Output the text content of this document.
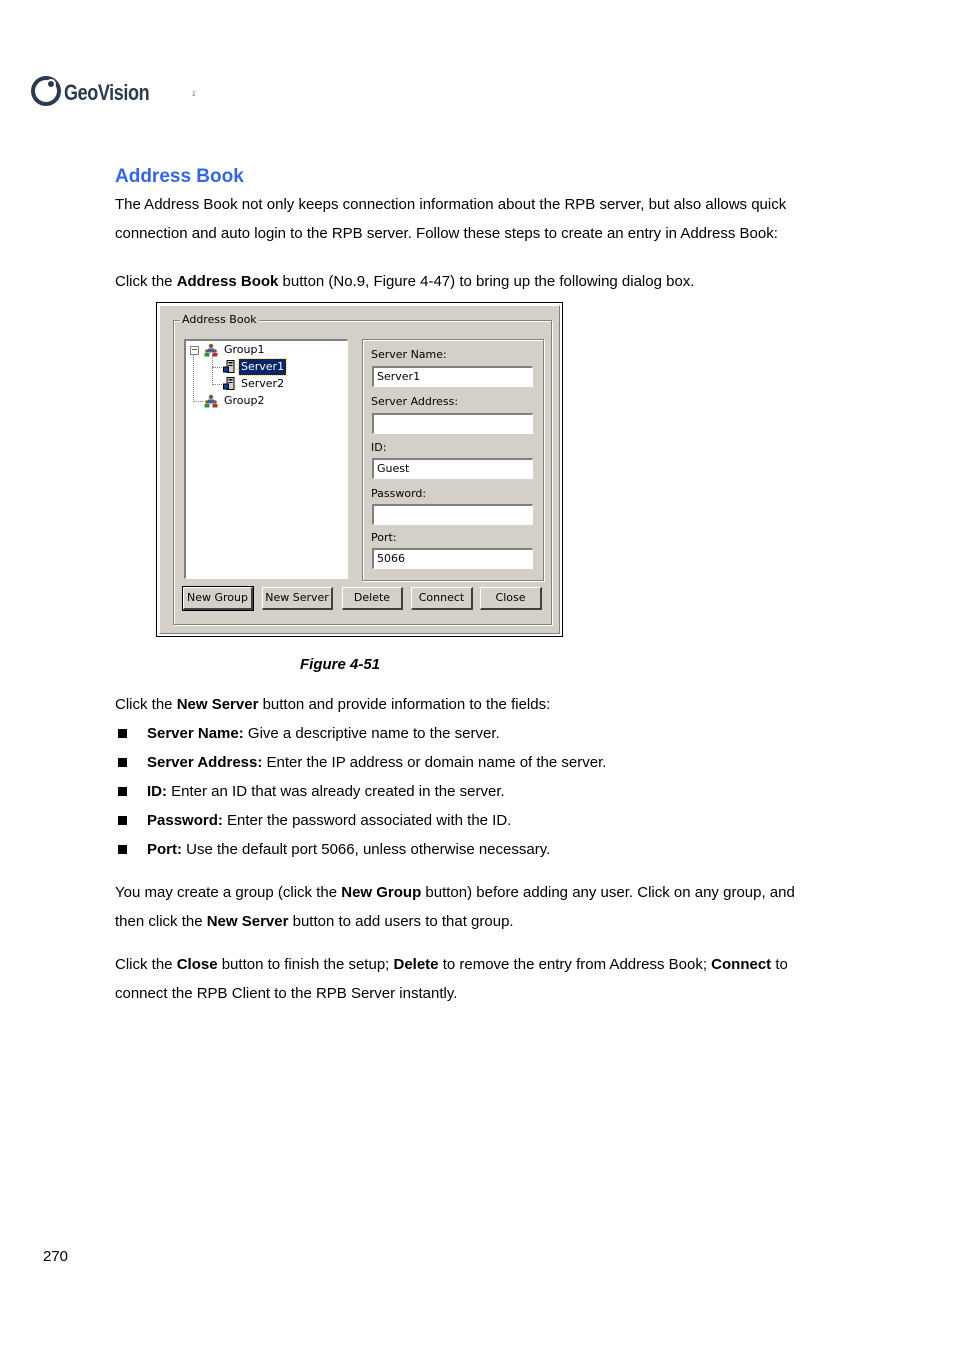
GeoVision	TM
Address Book
The Address Book not only keeps connection information about the RPB server, but also allows quick
connection and auto login to the RPB server. Follow these steps to create an entry in Address Book:
Click the Address Book button (No.9, Figure 4-47) to bring up the following dialog box.
Address Book
− Group1
Server1
Server2
Group2
Server Name:
Server1
Server Address:
ID:
Guest
Password:
Port:
5066
New Group	New Server	Delete	Connect	Close
Figure 4-51
Click the New Server button and provide information to the fields:
Server Name: Give a descriptive name to the server.
Server Address: Enter the IP address or domain name of the server.
ID: Enter an ID that was already created in the server.
Password: Enter the password associated with the ID.
Port: Use the default port 5066, unless otherwise necessary.
You may create a group (click the New Group button) before adding any user. Click on any group, and
then click the New Server button to add users to that group.
Click the Close button to finish the setup; Delete to remove the entry from Address Book; Connect to
connect the RPB Client to the RPB Server instantly.
270
